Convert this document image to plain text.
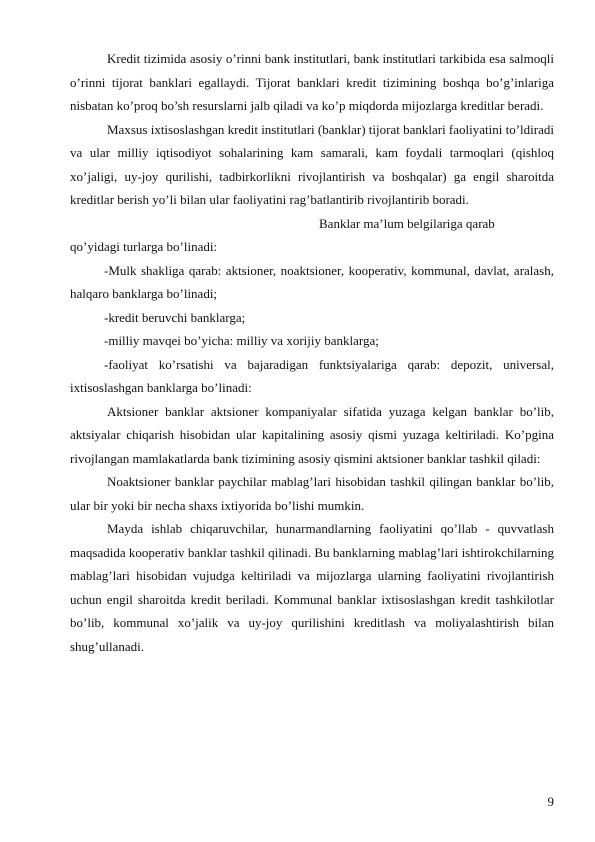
Kredit tizimida asosiy o’rinni bank institutlari, bank institutlari tarkibida esa salmoqli o’rinni tijorat banklari egallaydi. Tijorat banklari kredit tizimining boshqa bo’g’inlariga nisbatan ko’proq bo’sh resurslarni jalb qiladi va ko’p miqdorda mijozlarga kreditlar beradi.

Maxsus ixtisoslashgan kredit institutlari (banklar) tijorat banklari faoliyatini to’ldiradi va ular milliy iqtisodiyot sohalarining kam samarali, kam foydali tarmoqlari (qishloq xo’jaligi, uy-joy qurilishi, tadbirkorlikni rivojlantirish va boshqalar) ga engil sharoitda kreditlar berish yo’li bilan ular faoliyatini rag’batlantirib rivojlantirib boradi.

Banklar ma’lum belgilariga qarab

qo’yidagi turlarga bo’linadi:

-Mulk shakliga qarab: aktsioner, noaktsioner, kooperativ, kommunal, davlat, aralash, halqaro banklarga bo’linadi;

-kredit beruvchi banklarga;

-milliy mavqei bo’yicha: milliy va xorijiy banklarga;

-faoliyat ko’rsatishi va bajaradigan funktsiyalariga qarab: depozit, universal, ixtisoslashgan banklarga bo’linadi:

Aktsioner banklar aktsioner kompaniyalar sifatida yuzaga kelgan banklar bo’lib, aktsiyalar chiqarish hisobidan ular kapitalining asosiy qismi yuzaga keltiriladi. Ko’pgina rivojlangan mamlakatlarda bank tizimining asosiy qismini aktsioner banklar tashkil qiladi:

Noaktsioner banklar paychilar mablag’lari hisobidan tashkil qilingan banklar bo’lib, ular bir yoki bir necha shaxs ixtiyorida bo’lishi mumkin.

Mayda ishlab chiqaruvchilar, hunarmandlarning faoliyatini qo’llab - quvvatlash maqsadida kooperativ banklar tashkil qilinadi. Bu banklarning mablag’lari ishtirokchilarning mablag’lari hisobidan vujudga keltiriladi va mijozlarga ularning faoliyatini rivojlantirish uchun engil sharoitda kredit beriladi. Kommunal banklar ixtisoslashgan kredit tashkilotlar bo’lib, kommunal xo’jalik va uy-joy qurilishini kreditlash va moliyalashtirish bilan shug’ullanadi.

9
